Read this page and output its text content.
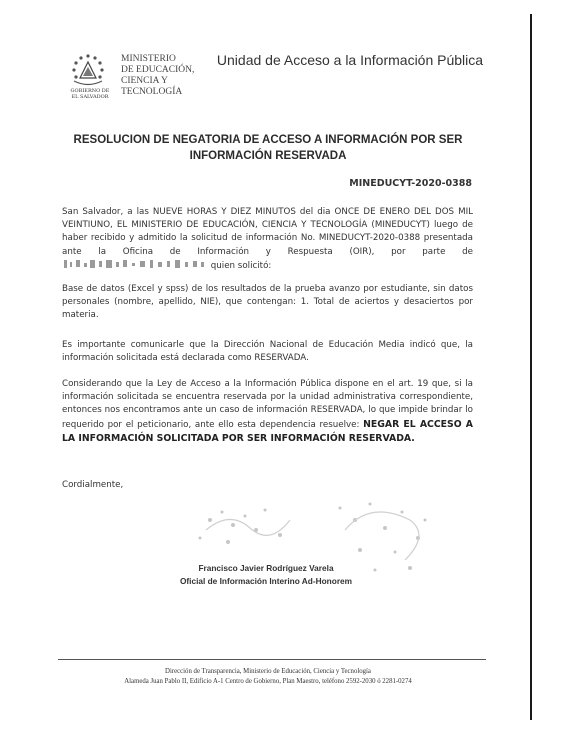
GOBIERNO DE
EL SALVADOR
MINISTERIO
DE EDUCACIÓN,
CIENCIA Y
TECNOLOGÍA
Unidad de Acceso a la Información Pública
RESOLUCION DE NEGATORIA DE ACCESO A INFORMACIÓN POR SER INFORMACIÓN RESERVADA
MINEDUCYT-2020-0388
San Salvador, a las NUEVE HORAS Y DIEZ MINUTOS del dia ONCE DE ENERO DEL DOS MIL VEINTIUNO, EL MINISTERIO DE EDUCACIÓN, CIENCIA Y TECNOLOGÍA (MINEDUCYT) luego de haber recibido y admitido la solicitud de información No. MINEDUCYT-2020-0388 presentada ante la Oficina de Información y Respuesta (OIR), por parte de  quien solicitó:
Base de datos (Excel y spss) de los resultados de la prueba avanzo por estudiante, sin datos personales (nombre, apellido, NIE), que contengan: 1. Total de aciertos y desaciertos por materia.
Es importante comunicarle que la Dirección Nacional de Educación Media indicó que, la información solicitada está declarada como RESERVADA.
Considerando que la Ley de Acceso a la Información Pública dispone en el art. 19 que, si la información solicitada se encuentra reservada por la unidad administrativa correspondiente, entonces nos encontramos ante un caso de información RESERVADA, lo que impide brindar lo requerido por el peticionario, ante ello esta dependencia resuelve: NEGAR EL ACCESO A LA INFORMACIÓN SOLICITADA POR SER INFORMACIÓN RESERVADA.
Cordialmente,
Francisco Javier Rodríguez Varela
Oficial de Información Interino Ad-Honorem
Dirección de Transparencia, Ministerio de Educación, Ciencia y Tecnología
Alameda Juan Pablo II, Edificio A-1 Centro de Gobierno, Plan Maestro, teléfono 2592-2030 ó 2281-0274
